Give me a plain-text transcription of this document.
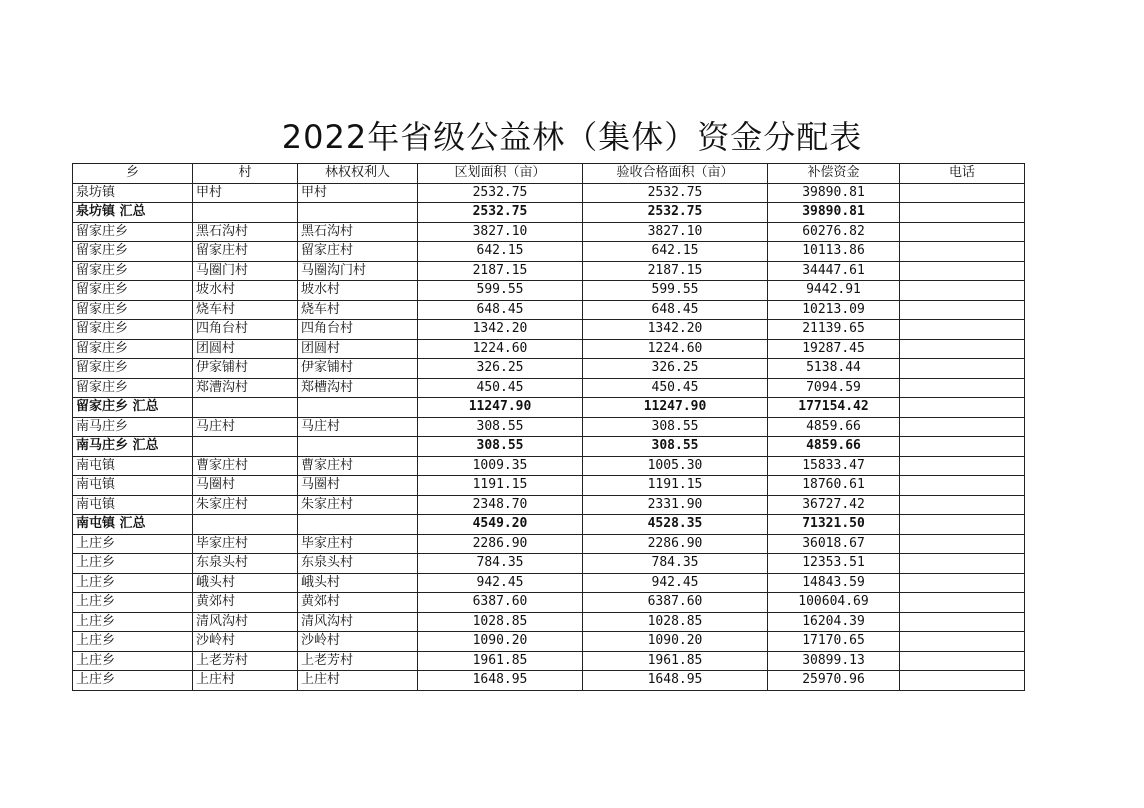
2022年省级公益林（集体）资金分配表
乡	村	林权权利人	区划面积（亩）	验收合格面积（亩）	补偿资金	电话
泉坊镇	甲村	甲村	2532.75	2532.75	39890.81	
泉坊镇 汇总			2532.75	2532.75	39890.81	
留家庄乡	黑石沟村	黑石沟村	3827.10	3827.10	60276.82	
留家庄乡	留家庄村	留家庄村	642.15	642.15	10113.86	
留家庄乡	马圈门村	马圈沟门村	2187.15	2187.15	34447.61	
留家庄乡	坡水村	坡水村	599.55	599.55	9442.91	
留家庄乡	烧车村	烧车村	648.45	648.45	10213.09	
留家庄乡	四角台村	四角台村	1342.20	1342.20	21139.65	
留家庄乡	团圆村	团圆村	1224.60	1224.60	19287.45	
留家庄乡	伊家铺村	伊家铺村	326.25	326.25	5138.44	
留家庄乡	郑漕沟村	郑槽沟村	450.45	450.45	7094.59	
留家庄乡 汇总			11247.90	11247.90	177154.42	
南马庄乡	马庄村	马庄村	308.55	308.55	4859.66	
南马庄乡 汇总			308.55	308.55	4859.66	
南屯镇	曹家庄村	曹家庄村	1009.35	1005.30	15833.47	
南屯镇	马圈村	马圈村	1191.15	1191.15	18760.61	
南屯镇	朱家庄村	朱家庄村	2348.70	2331.90	36727.42	
南屯镇 汇总			4549.20	4528.35	71321.50	
上庄乡	毕家庄村	毕家庄村	2286.90	2286.90	36018.67	
上庄乡	东泉头村	东泉头村	784.35	784.35	12353.51	
上庄乡	峨头村	峨头村	942.45	942.45	14843.59	
上庄乡	黄郊村	黄郊村	6387.60	6387.60	100604.69	
上庄乡	清风沟村	清风沟村	1028.85	1028.85	16204.39	
上庄乡	沙岭村	沙岭村	1090.20	1090.20	17170.65	
上庄乡	上老芳村	上老芳村	1961.85	1961.85	30899.13	
上庄乡	上庄村	上庄村	1648.95	1648.95	25970.96	
